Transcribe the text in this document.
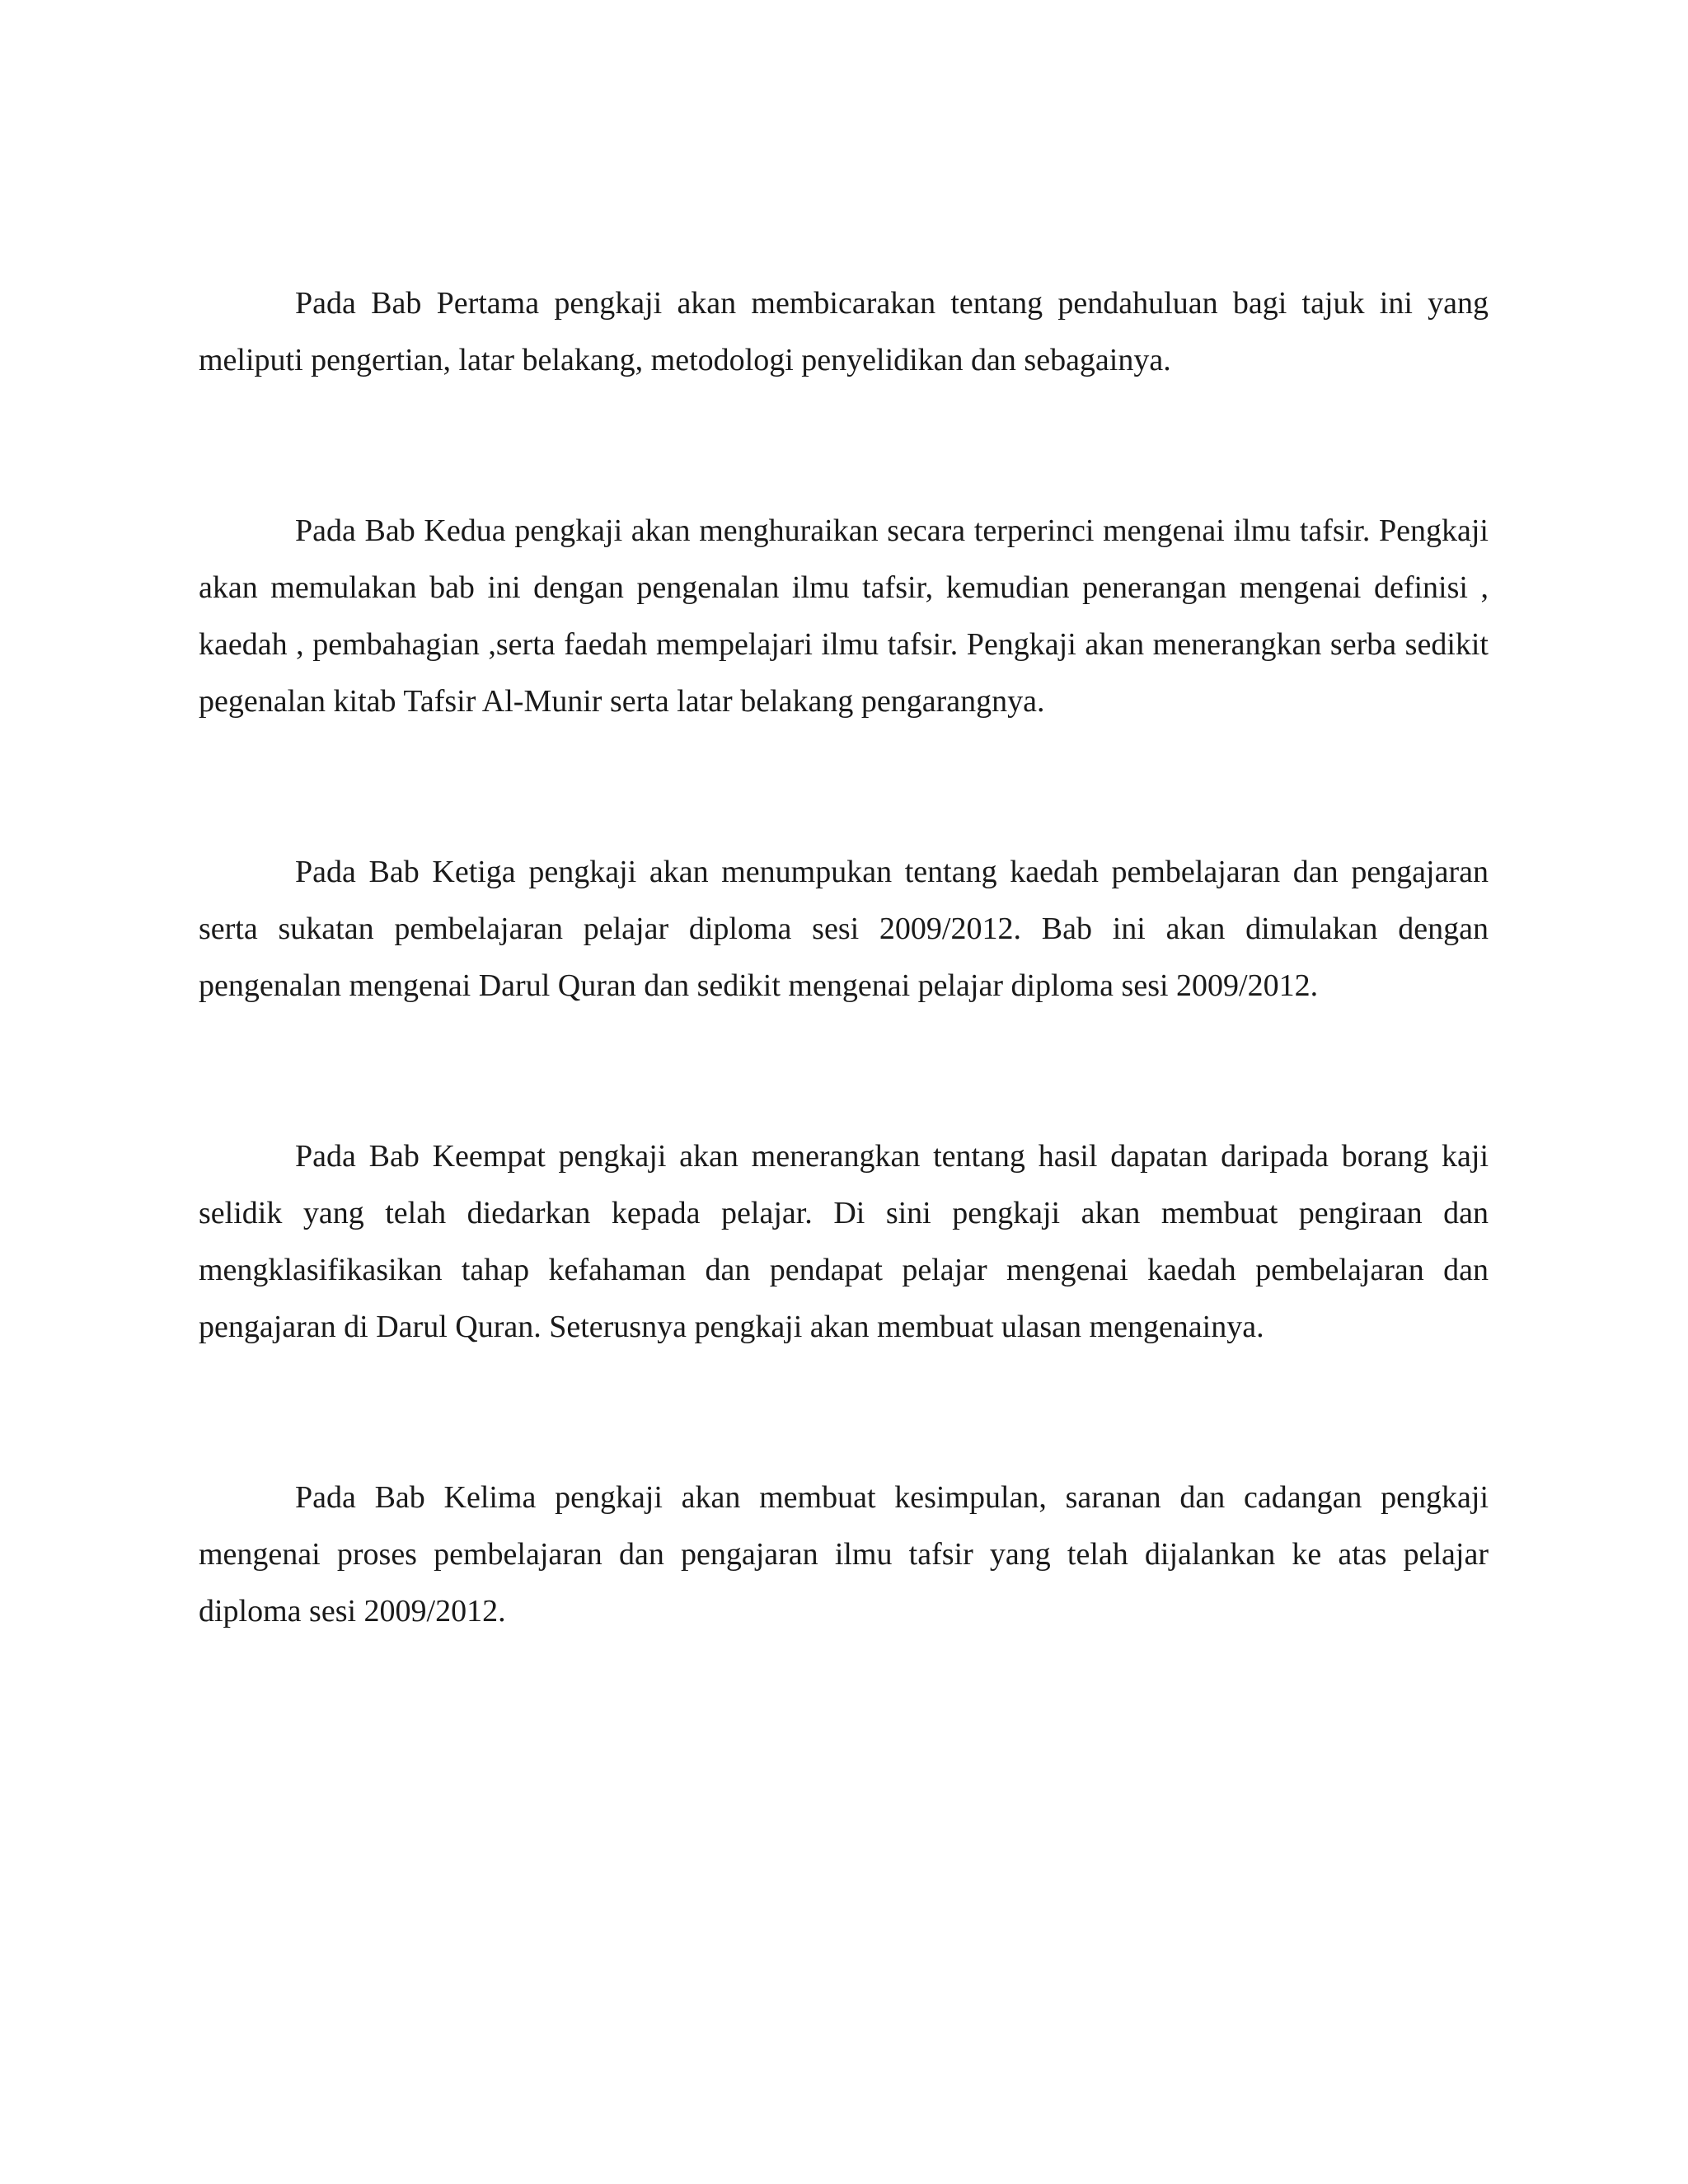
Pada Bab Pertama pengkaji akan membicarakan tentang pendahuluan bagi tajuk ini yang meliputi pengertian, latar belakang, metodologi penyelidikan dan sebagainya.

Pada Bab Kedua pengkaji akan menghuraikan secara terperinci mengenai ilmu tafsir. Pengkaji akan memulakan bab ini dengan pengenalan ilmu tafsir, kemudian penerangan mengenai definisi , kaedah , pembahagian ,serta faedah mempelajari ilmu tafsir. Pengkaji akan menerangkan serba sedikit pegenalan kitab Tafsir Al-Munir serta latar belakang pengarangnya.

Pada Bab Ketiga pengkaji akan menumpukan tentang kaedah pembelajaran dan pengajaran serta sukatan pembelajaran pelajar diploma sesi 2009/2012. Bab ini akan dimulakan dengan pengenalan mengenai Darul Quran dan sedikit mengenai pelajar diploma sesi 2009/2012.

Pada Bab Keempat pengkaji akan menerangkan tentang hasil dapatan daripada borang kaji selidik yang telah diedarkan kepada pelajar. Di sini pengkaji akan membuat pengiraan dan mengklasifikasikan tahap kefahaman dan pendapat pelajar mengenai kaedah pembelajaran dan pengajaran di Darul Quran. Seterusnya pengkaji akan membuat ulasan mengenainya.

Pada Bab Kelima pengkaji akan membuat kesimpulan, saranan dan cadangan pengkaji mengenai proses pembelajaran dan pengajaran ilmu tafsir yang telah dijalankan ke atas pelajar diploma sesi 2009/2012.
